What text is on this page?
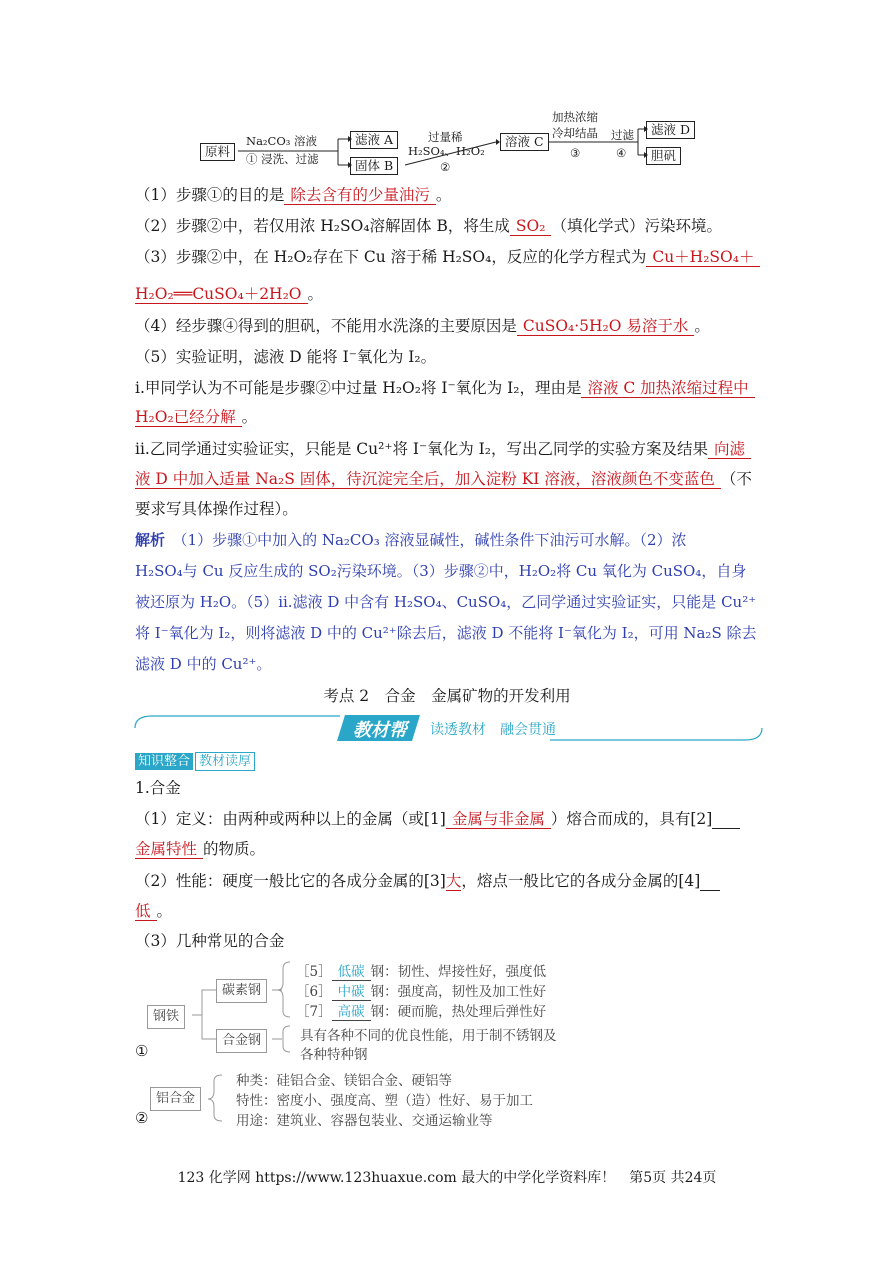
原料
Na₂CO₃ 溶液
① 浸洗、过滤
滤液 A
固体 B
过量稀
H₂SO₄、H₂O₂
②
溶液 C
加热浓缩
冷却结晶
③
过滤
④
滤液 D
胆矾
（1）步骤①的目的是 除去含有的少量油污 。
（2）步骤②中，若仅用浓 H₂SO₄溶解固体 B，将生成 SO₂ （填化学式）污染环境。
（3）步骤②中，在 H₂O₂存在下 Cu 溶于稀 H₂SO₄，反应的化学方程式为 Cu＋H₂SO₄＋
H₂O₂══CuSO₄＋2H₂O 。
（4）经步骤④得到的胆矾，不能用水洗涤的主要原因是 CuSO₄·5H₂O 易溶于水 。
（5）实验证明，滤液 D 能将 I⁻氧化为 I₂。
i.甲同学认为不可能是步骤②中过量 H₂O₂将 I⁻氧化为 I₂，理由是 溶液 C 加热浓缩过程中
H₂O₂已经分解 。
ii.乙同学通过实验证实，只能是 Cu²⁺将 I⁻氧化为 I₂，写出乙同学的实验方案及结果 向滤
液 D 中加入适量 Na₂S 固体，待沉淀完全后，加入淀粉 KI 溶液，溶液颜色不变蓝色 （不
要求写具体操作过程）。
解析　 （1）步骤①中加入的 Na₂CO₃ 溶液显碱性，碱性条件下油污可水解。（2）浓
H₂SO₄与 Cu 反应生成的 SO₂污染环境。（3）步骤②中，H₂O₂将 Cu 氧化为 CuSO₄，自身
被还原为 H₂O。（5）ii.滤液 D 中含有 H₂SO₄、CuSO₄，乙同学通过实验证实，只能是 Cu²⁺
将 I⁻氧化为 I₂，则将滤液 D 中的 Cu²⁺除去后，滤液 D 不能将 I⁻氧化为 I₂，可用 Na₂S 除去
滤液 D 中的 Cu²⁺。
考点 2　合金　金属矿物的开发利用
教材帮 读透教材　融会贯通
知识整合 教材读厚
1.合金
（1）定义：由两种或两种以上的金属（或[1] 金属与非金属 ）熔合而成的，具有[2]  
金属特性 的物质。
（2）性能：硬度一般比它的各成分金属的[3]大，熔点一般比它的各成分金属的[4] 
低 。
（3）几种常见的合金
钢铁
碳素钢
合金钢
［5］ 低碳 钢：韧性、焊接性好，强度低
［6］ 中碳 钢：强度高，韧性及加工性好
［7］ 高碳 钢：硬而脆，热处理后弹性好
具有各种不同的优良性能，用于制不锈钢及
各种特种钢
①
铝合金
种类：硅铝合金、镁铝合金、硬铝等
特性：密度小、强度高、塑（造）性好、易于加工
用途：建筑业、容器包装业、交通运输业等
②
123 化学网 https://www.123huaxue.com 最大的中学化学资料库！　第5页 共24页
